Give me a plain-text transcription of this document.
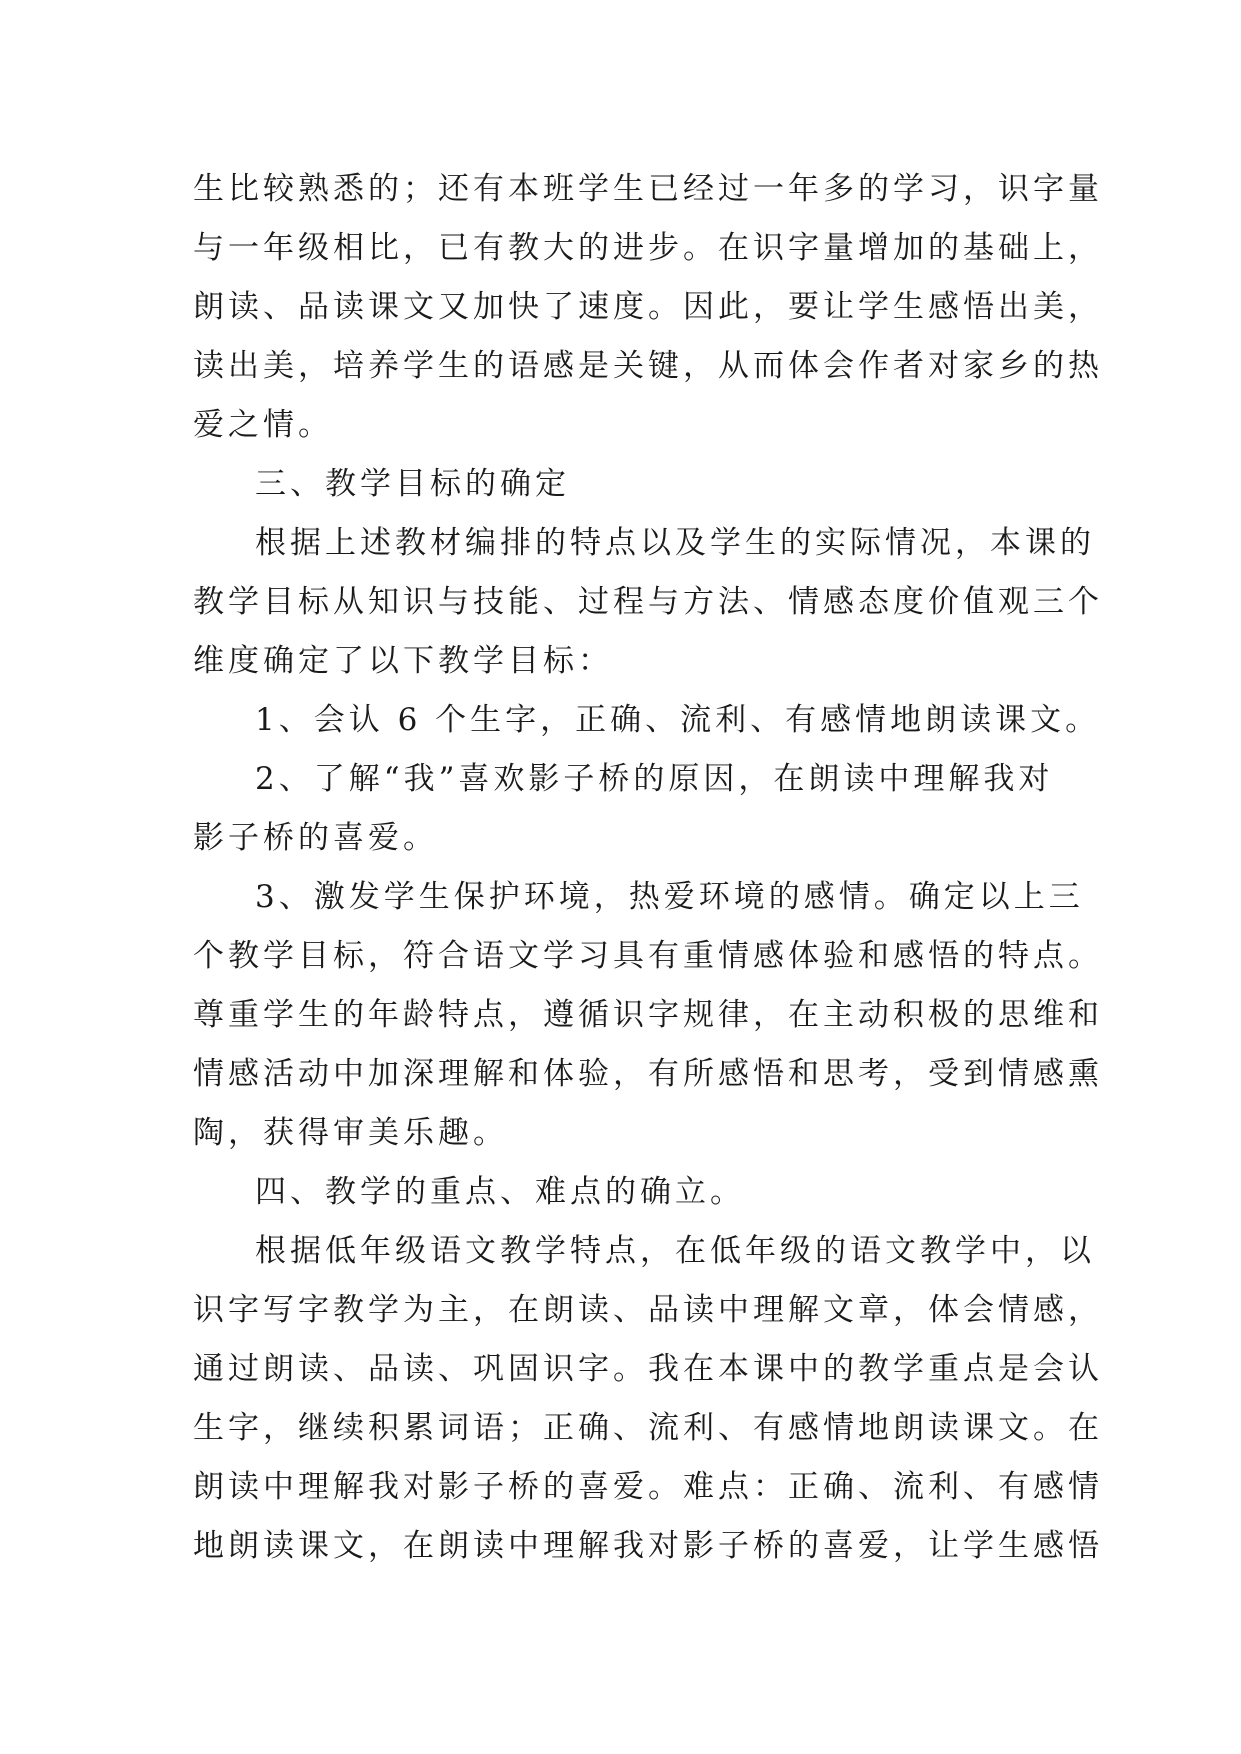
生比较熟悉的；还有本班学生已经过一年多的学习，识字量
与一年级相比，已有教大的进步。在识字量增加的基础上，
朗读、品读课文又加快了速度。因此，要让学生感悟出美，
读出美，培养学生的语感是关键，从而体会作者对家乡的热
爱之情。
三、教学目标的确定
根据上述教材编排的特点以及学生的实际情况，本课的
教学目标从知识与技能、过程与方法、情感态度价值观三个
维度确定了以下教学目标：
1、会认 6 个生字，正确、流利、有感情地朗读课文。
2、了解“我”喜欢影子桥的原因，在朗读中理解我对
影子桥的喜爱。
3、激发学生保护环境，热爱环境的感情。确定以上三
个教学目标，符合语文学习具有重情感体验和感悟的特点。
尊重学生的年龄特点，遵循识字规律，在主动积极的思维和
情感活动中加深理解和体验，有所感悟和思考，受到情感熏
陶，获得审美乐趣。
四、教学的重点、难点的确立。
根据低年级语文教学特点，在低年级的语文教学中，以
识字写字教学为主，在朗读、品读中理解文章，体会情感，
通过朗读、品读、巩固识字。我在本课中的教学重点是会认
生字，继续积累词语；正确、流利、有感情地朗读课文。在
朗读中理解我对影子桥的喜爱。难点：正确、流利、有感情
地朗读课文，在朗读中理解我对影子桥的喜爱，让学生感悟
